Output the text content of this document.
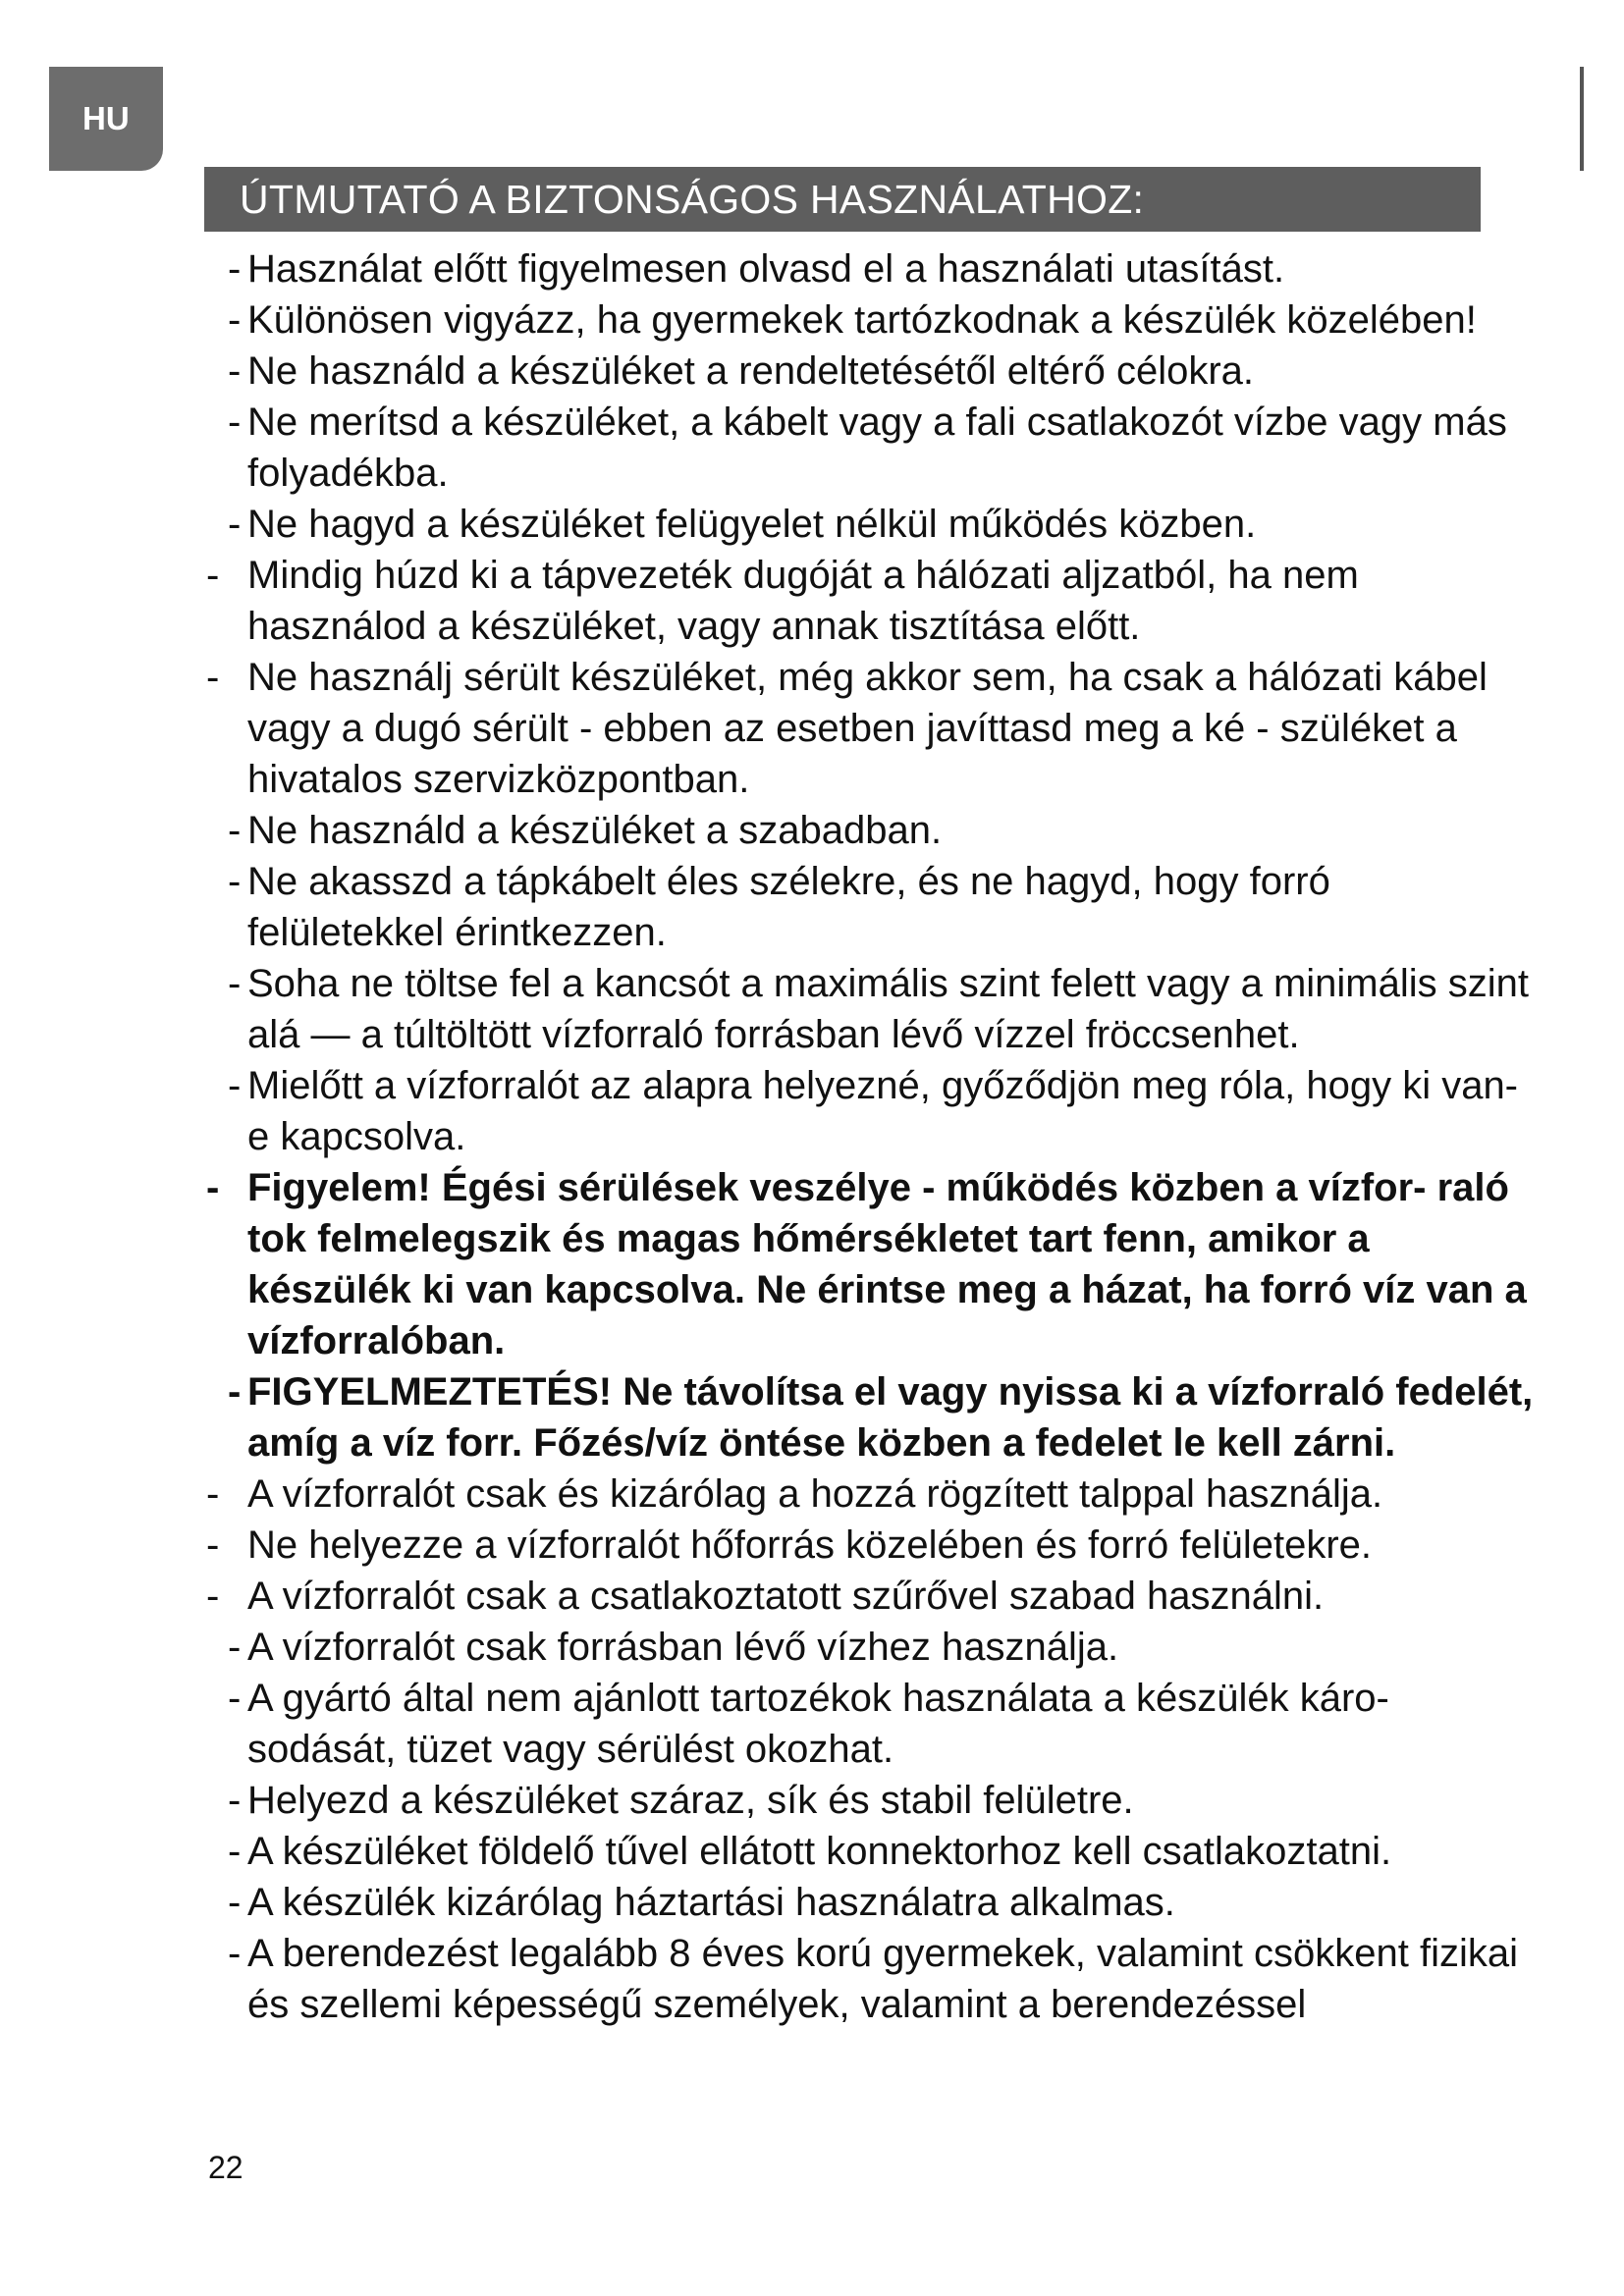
HU
ÚTMUTATÓ A BIZTONSÁGOS HASZNÁLATHOZ:
- Használat előtt figyelmesen olvasd el a használati utasítást.
- Különösen vigyázz, ha gyermekek tartózkodnak a készülék közelében!
- Ne használd a készüléket a rendeltetésétől eltérő célokra.
- Ne merítsd a készüléket, a kábelt vagy a fali csatlakozót vízbe vagy más folyadékba.
- Ne hagyd a készüléket felügyelet nélkül működés közben.
- Mindig húzd ki a tápvezeték dugóját a hálózati aljzatból, ha nem használod a készüléket, vagy annak tisztítása előtt.
- Ne használj sérült készüléket, még akkor sem, ha csak a hálózati kábel vagy a dugó sérült - ebben az esetben javíttasd meg a ké - szüléket a hivatalos szervizközpontban.
- Ne használd a készüléket a szabadban.
- Ne akasszd a tápkábelt éles szélekre, és ne hagyd, hogy forró felületekkel érintkezzen.
- Soha ne töltse fel a kancsót a maximális szint felett vagy a minimális szint alá — a túltöltött vízforraló forrásban lévő vízzel fröccsenhet.
- Mielőtt a vízforralót az alapra helyezné, győződjön meg róla, hogy ki van-e kapcsolva.
- Figyelem! Égési sérülések veszélye - működés közben a vízfor- raló tok felmelegszik és magas hőmérsékletet tart fenn, amikor a készülék ki van kapcsolva. Ne érintse meg a házat, ha forró víz van a vízforralóban.
- FIGYELMEZTETÉS! Ne távolítsa el vagy nyissa ki a vízforraló fedelét, amíg a víz forr. Főzés/víz öntése közben a fedelet le kell zárni.
- A vízforralót csak és kizárólag a hozzá rögzített talppal használja.
- Ne helyezze a vízforralót hőforrás közelében és forró felületekre.
- A vízforralót csak a csatlakoztatott szűrővel szabad használni.
- A vízforralót csak forrásban lévő vízhez használja.
- A gyártó által nem ajánlott tartozékok használata a készülék káro- sodását, tüzet vagy sérülést okozhat.
- Helyezd a készüléket száraz, sík és stabil felületre.
- A készüléket földelő tűvel ellátott konnektorhoz kell csatlakoztatni.
- A készülék kizárólag háztartási használatra alkalmas.
- A berendezést legalább 8 éves korú gyermekek, valamint csökkent fizikai és szellemi képességű személyek, valamint a berendezéssel
22
